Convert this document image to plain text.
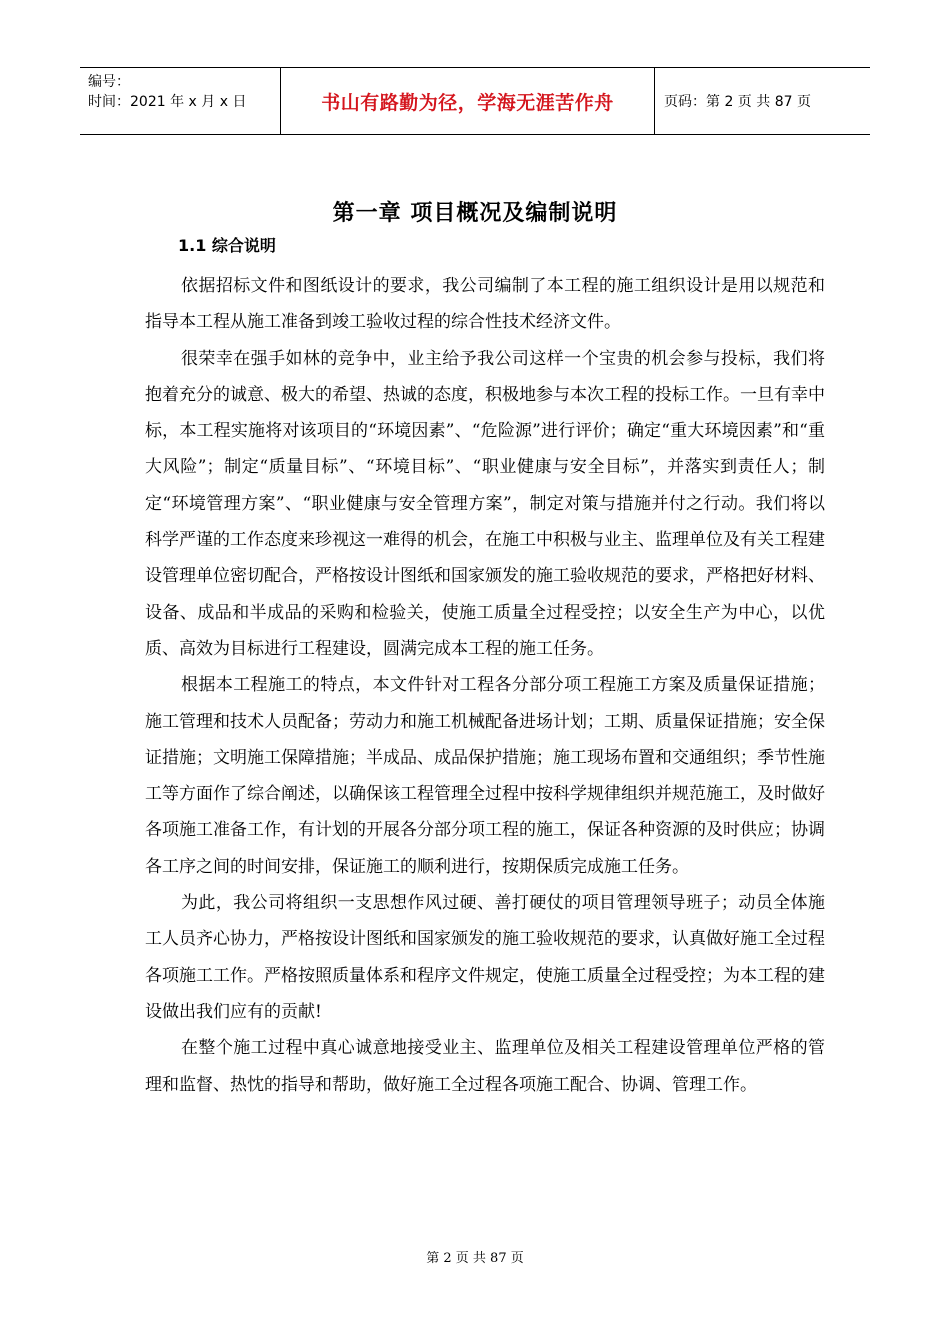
编号：
时间：2021 年 x 月 x 日	书山有路勤为径，学海无涯苦作舟	页码：第 2 页 共 87 页
第一章 项目概况及编制说明
1.1 综合说明

依据招标文件和图纸设计的要求，我公司编制了本工程的施工组织设计是用以规范和指导本工程从施工准备到竣工验收过程的综合性技术经济文件。

很荣幸在强手如林的竞争中，业主给予我公司这样一个宝贵的机会参与投标，我们将抱着充分的诚意、极大的希望、热诚的态度，积极地参与本次工程的投标工作。一旦有幸中标，本工程实施将对该项目的“环境因素”、“危险源”进行评价；确定“重大环境因素”和“重大风险”；制定“质量目标”、“环境目标”、“职业健康与安全目标”，并落实到责任人；制定“环境管理方案”、“职业健康与安全管理方案”，制定对策与措施并付之行动。我们将以科学严谨的工作态度来珍视这一难得的机会，在施工中积极与业主、监理单位及有关工程建设管理单位密切配合，严格按设计图纸和国家颁发的施工验收规范的要求，严格把好材料、设备、成品和半成品的采购和检验关，使施工质量全过程受控；以安全生产为中心，以优质、高效为目标进行工程建设，圆满完成本工程的施工任务。

根据本工程施工的特点，本文件针对工程各分部分项工程施工方案及质量保证措施；施工管理和技术人员配备；劳动力和施工机械配备进场计划；工期、质量保证措施；安全保证措施；文明施工保障措施；半成品、成品保护措施；施工现场布置和交通组织；季节性施工等方面作了综合阐述，以确保该工程管理全过程中按科学规律组织并规范施工，及时做好各项施工准备工作，有计划的开展各分部分项工程的施工，保证各种资源的及时供应；协调各工序之间的时间安排，保证施工的顺利进行，按期保质完成施工任务。

为此，我公司将组织一支思想作风过硬、善打硬仗的项目管理领导班子；动员全体施工人员齐心协力，严格按设计图纸和国家颁发的施工验收规范的要求，认真做好施工全过程各项施工工作。严格按照质量体系和程序文件规定，使施工质量全过程受控；为本工程的建设做出我们应有的贡献!

在整个施工过程中真心诚意地接受业主、监理单位及相关工程建设管理单位严格的管理和监督、热忱的指导和帮助，做好施工全过程各项施工配合、协调、管理工作。

第 2 页 共 87 页
